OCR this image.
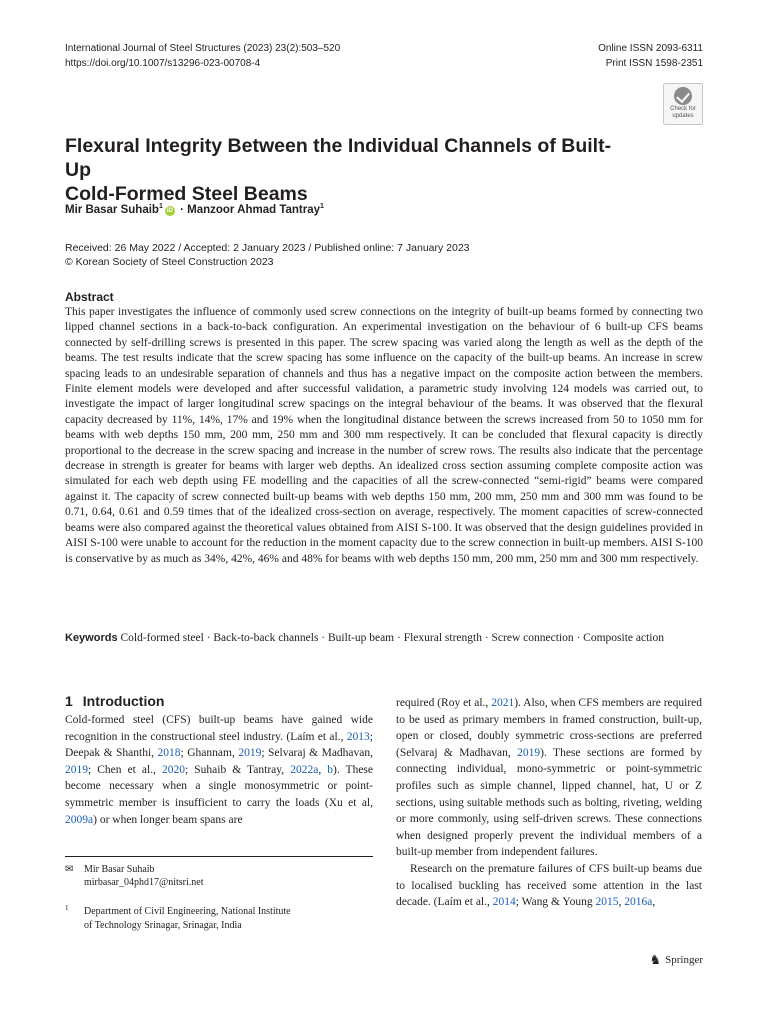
International Journal of Steel Structures (2023) 23(2):503–520
https://doi.org/10.1007/s13296-023-00708-4
Online ISSN 2093-6311
Print ISSN 1598-2351
Check for
updates
Flexural Integrity Between the Individual Channels of Built-Up
Cold-Formed Steel Beams
Mir Basar Suhaib$^1$iD · Manzoor Ahmad Tantray$^1$
Received: 26 May 2022 / Accepted: 2 January 2023 / Published online: 7 January 2023
© Korean Society of Steel Construction 2023
Abstract
This paper investigates the influence of commonly used screw connections on the integrity of built-up beams formed by connecting two lipped channel sections in a back-to-back configuration. An experimental investigation on the behaviour of 6 built-up CFS beams connected by self-drilling screws is presented in this paper. The screw spacing was varied along the length as well as the depth of the beams. The test results indicate that the screw spacing has some influence on the capacity of the built-up beams. An increase in screw spacing leads to an undesirable separation of channels and thus has a negative impact on the composite action between the members. Finite element models were developed and after successful validation, a parametric study involving 124 models was carried out, to investigate the impact of larger longitudinal screw spacings on the integral behaviour of the beams. It was observed that the flexural capacity decreased by 11%, 14%, 17% and 19% when the longitudinal distance between the screws increased from 50 to 1050 mm for beams with web depths 150 mm, 200 mm, 250 mm and 300 mm respectively. It can be concluded that flexural capacity is directly proportional to the decrease in the screw spacing and increase in the number of screw rows. The results also indicate that the percentage decrease in strength is greater for beams with larger web depths. An idealized cross section assuming complete composite action was simulated for each web depth using FE modelling and the capacities of all the screw-connected “semi-rigid” beams were compared against it. The capacity of screw connected built-up beams with web depths 150 mm, 200 mm, 250 mm and 300 mm was found to be 0.71, 0.64, 0.61 and 0.59 times that of the idealized cross-section on average, respectively. The moment capacities of screw-connected beams were also compared against the theoretical values obtained from AISI S-100. It was observed that the design guidelines provided in AISI S-100 were unable to account for the reduction in the moment capacity due to the screw connection in built-up members. AISI S-100 is conservative by as much as 34%, 42%, 46% and 48% for beams with web depths 150 mm, 200 mm, 250 mm and 300 mm respectively.
Keywords Cold-formed steel · Back-to-back channels · Built-up beam · Flexural strength · Screw connection · Composite action
1 Introduction
Cold-formed steel (CFS) built-up beams have gained wide recognition in the constructional steel industry. (Laím et al., 2013; Deepak & Shanthi, 2018; Ghannam, 2019; Selvaraj & Madhavan, 2019; Chen et al., 2020; Suhaib & Tantray, 2022a, b). These become necessary when a single monosymmetric or point-symmetric member is insufficient to carry the loads (Xu et al, 2009a) or when longer beam spans are

required (Roy et al., 2021). Also, when CFS members are required to be used as primary members in framed construction, built-up, open or closed, doubly symmetric cross-sections are preferred (Selvaraj & Madhavan, 2019). These sections are formed by connecting individual, mono-symmetric or point-symmetric profiles such as simple channel, lipped channel, hat, U or Z sections, using suitable methods such as bolting, riveting, welding or more commonly, using self-driven screws. These connections when designed properly prevent the individual members of a built-up member from independent failures.

Research on the premature failures of CFS built-up beams due to localised buckling has received some attention in the last decade. (Laím et al., 2014; Wang & Young 2015, 2016a,

✉ Mir Basar Suhaib
mirbasar_04phd17@nitsri.net
1 Department of Civil Engineering, National Institute
of Technology Srinagar, Srinagar, India
♞ Springer
